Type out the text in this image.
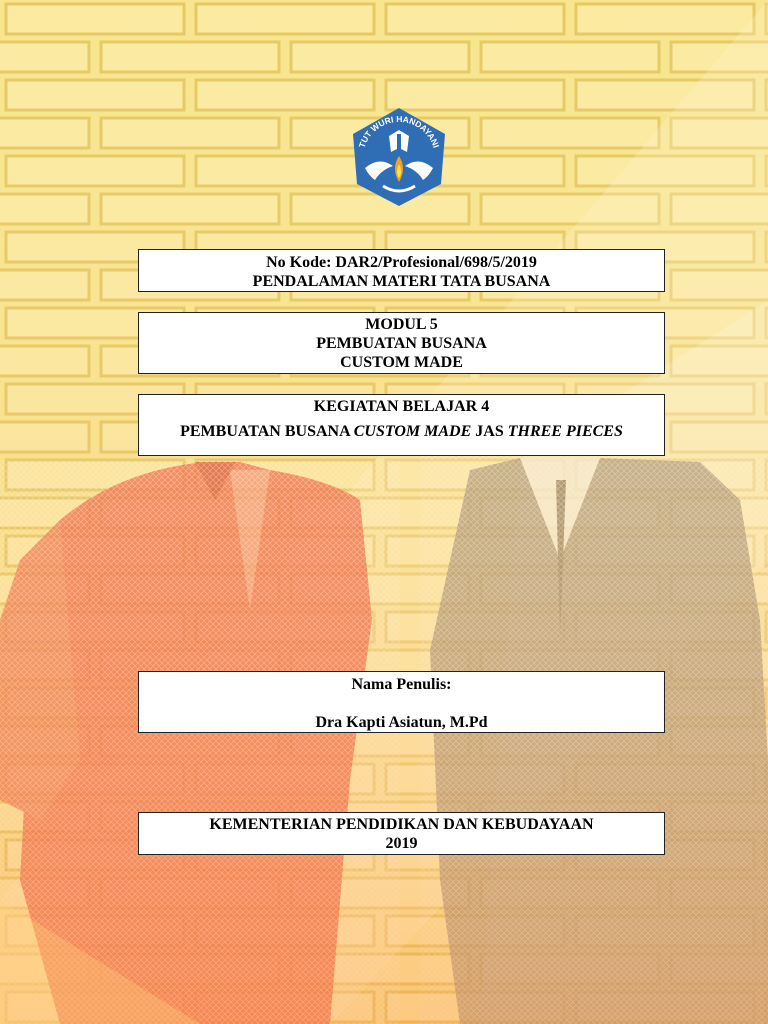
TUT WURI HANDAYANI
No Kode: DAR2/Profesional/698/5/2019
PENDALAMAN MATERI TATA BUSANA
MODUL 5
PEMBUATAN BUSANA
CUSTOM MADE
KEGIATAN BELAJAR 4
PEMBUATAN BUSANA CUSTOM MADE JAS THREE PIECES
Nama Penulis:
Dra Kapti Asiatun, M.Pd
KEMENTERIAN PENDIDIKAN DAN KEBUDAYAAN
2019
